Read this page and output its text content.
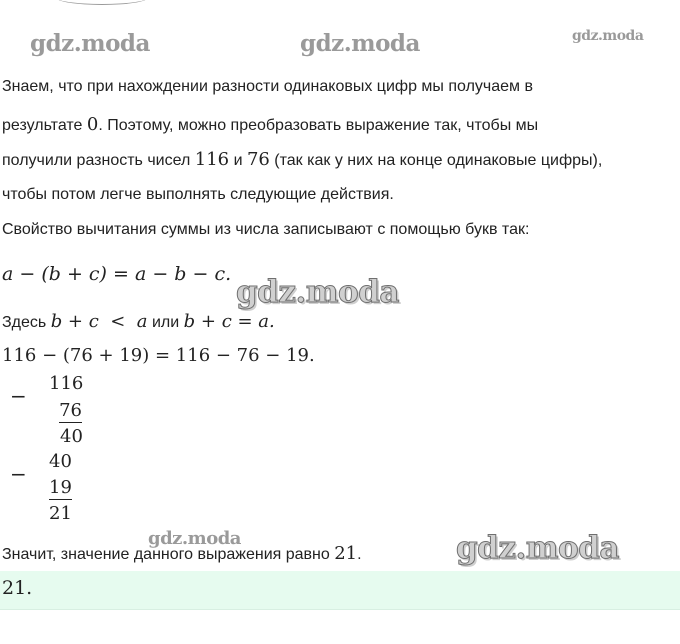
gdz.moda	gdz.moda	gdz.moda
gdz.moda
gdz.moda	gdz.moda
Знаем, что при нахождении разности одинаковых цифр мы получаем в
результате 0. Поэтому, можно преобразовать выражение так, чтобы мы
получили разность чисел 116 и 76 (так как у них на конце одинаковые цифры),
чтобы потом легче выполнять следующие действия.
Свойство вычитания суммы из числа записывают с помощью букв так:
a − (b + c) = a − b − c.
Здесь b + c  <  a или b + c = a.
116 − (76 + 19) = 116 − 76 − 19.
−
116
76
40
−
40
19
21
Значит, значение данного выражения равно 21.
21.
